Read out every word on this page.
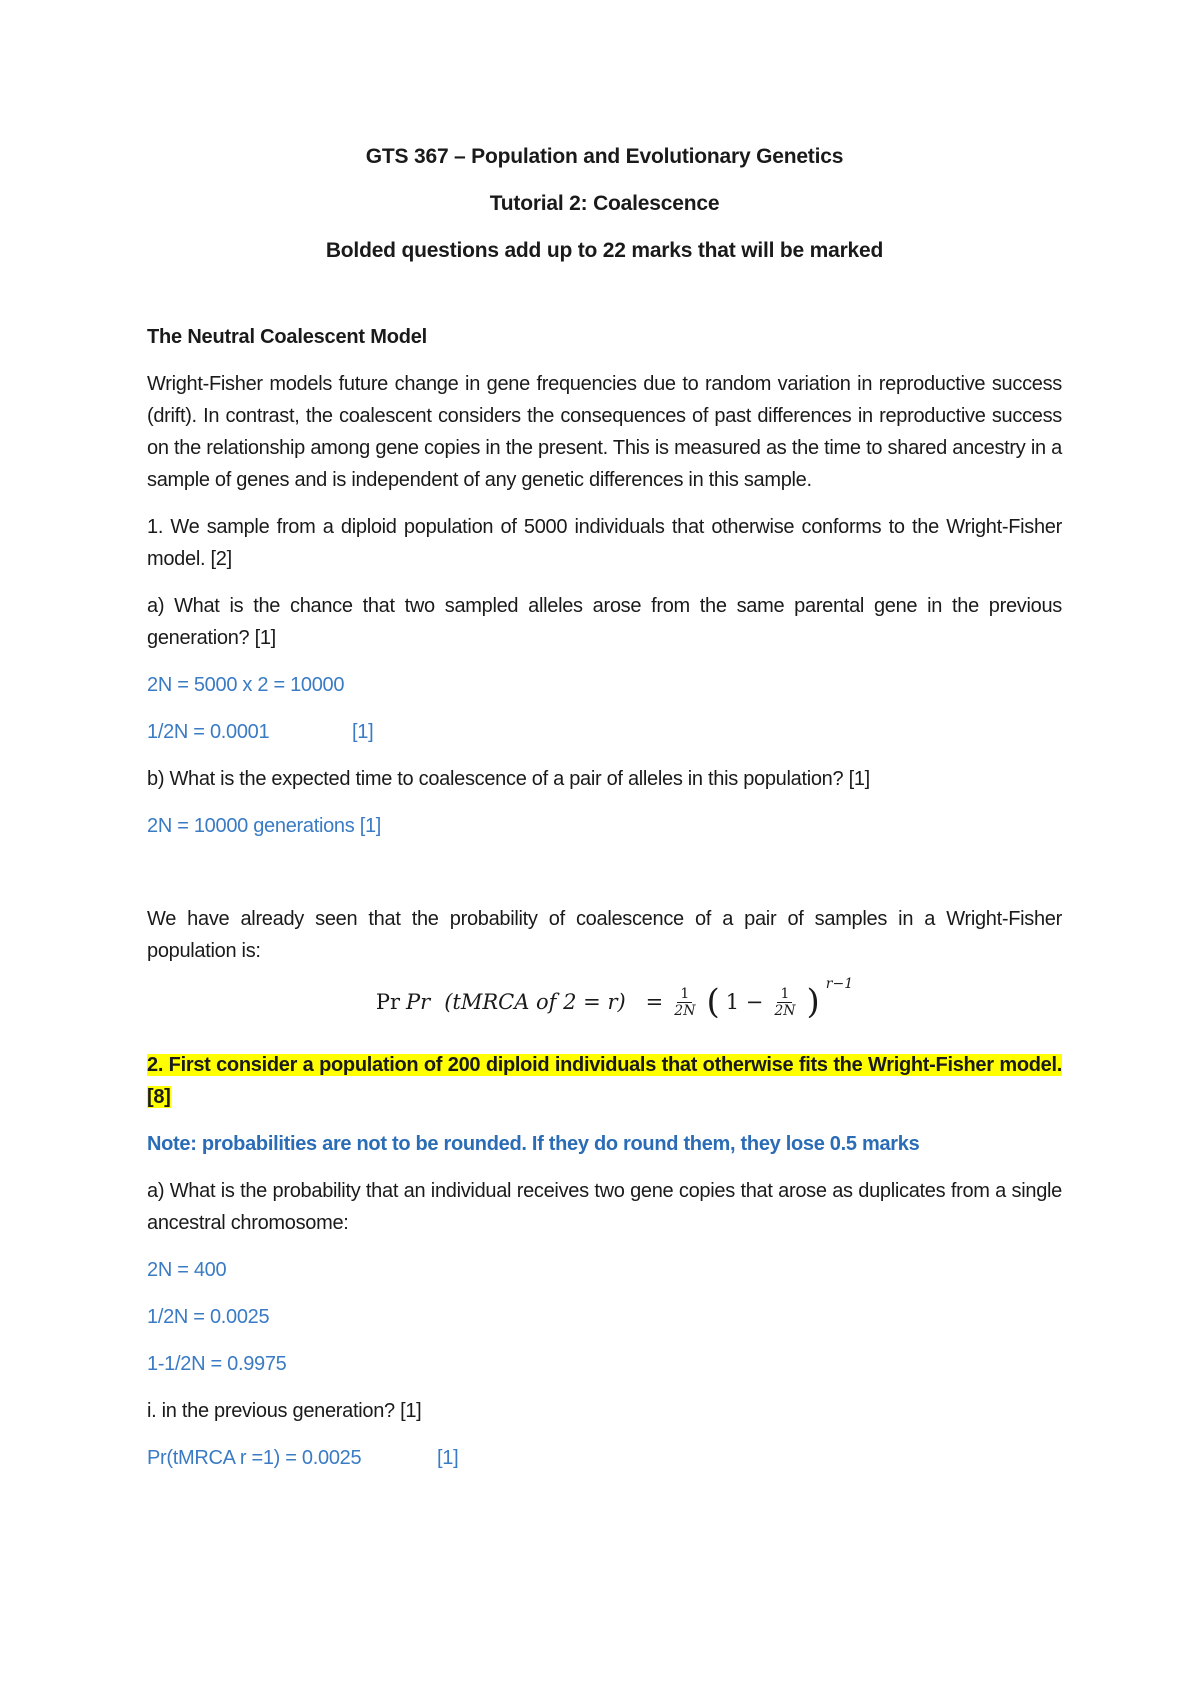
GTS 367 – Population and Evolutionary Genetics
Tutorial 2: Coalescence
Bolded questions add up to 22 marks that will be marked
The Neutral Coalescent Model

Wright-Fisher models future change in gene frequencies due to random variation in reproductive success (drift). In contrast, the coalescent considers the consequences of past differences in reproductive success on the relationship among gene copies in the present. This is measured as the time to shared ancestry in a sample of genes and is independent of any genetic differences in this sample.

1. We sample from a diploid population of 5000 individuals that otherwise conforms to the Wright-Fisher model. [2]

a) What is the chance that two sampled alleles arose from the same parental gene in the previous generation? [1]

2N = 5000 x 2 = 10000

1/2N = 0.0001	[1]

b) What is the expected time to coalescence of a pair of alleles in this population? [1]

2N = 10000 generations [1]

We have already seen that the probability of coalescence of a pair of samples in a Wright-Fisher population is:

Pr Pr (tMRCA of $2 = r) = \frac{1}{2N}$ ( $1 - \frac{1}{2N}$ ) r−1

2. First consider a population of 200 diploid individuals that otherwise fits the Wright-Fisher model. [8]

Note: probabilities are not to be rounded. If they do round them, they lose 0.5 marks

a) What is the probability that an individual receives two gene copies that arose as duplicates from a single ancestral chromosome:

2N = 400

1/2N = 0.0025

1-1/2N = 0.9975

i. in the previous generation? [1]

Pr(tMRCA r =1) = 0.0025	[1]
